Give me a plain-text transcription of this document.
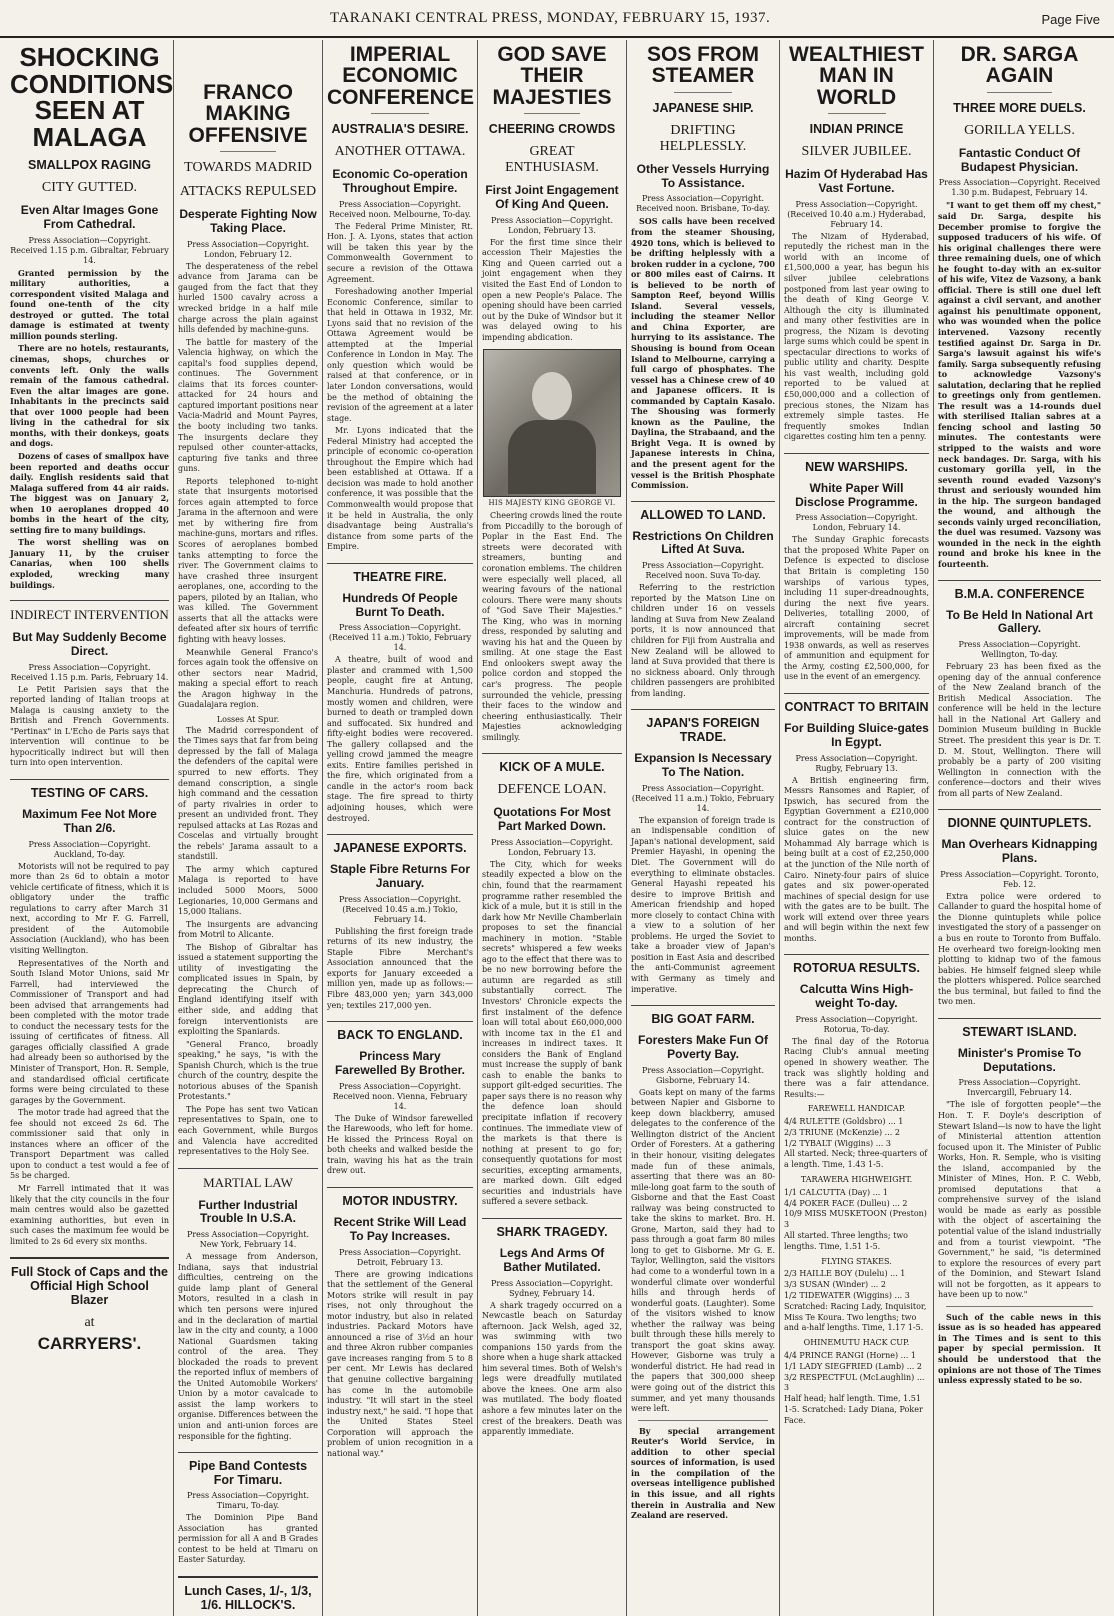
TARANAKI CENTRAL PRESS, MONDAY, FEBRUARY 15, 1937.	Page Five
SHOCKING CONDITIONS SEEN AT MALAGA
SMALLPOX RAGING
CITY GUTTED.
Even Altar Images Gone From Cathedral.
Press Association—Copyright. Received 1.15 p.m. Gibraltar, February 14.

Granted permission by the military authorities, a correspondent visited Malaga and found one-tenth of the city destroyed or gutted. The total damage is estimated at twenty million pounds sterling.

There are no hotels, restaurants, cinemas, shops, churches or convents left. Only the walls remain of the famous cathedral. Even the altar images are gone. Inhabitants in the precincts said that over 1000 people had been living in the cathedral for six months, with their donkeys, goats and dogs.

Dozens of cases of smallpox have been reported and deaths occur daily. English residents said that Malaga suffered from 44 air raids. The biggest was on January 2, when 10 aeroplanes dropped 40 bombs in the heart of the city, setting fire to many buildings.

The worst shelling was on January 11, by the cruiser Canarias, when 100 shells exploded, wrecking many buildings.

INDIRECT INTERVENTION
But May Suddenly Become Direct.
Press Association—Copyright. Received 1.15 p.m. Paris, February 14.

Le Petit Parisien says that the reported landing of Italian troops at Malaga is causing anxiety to the British and French Governments. "Pertinax" in L'Echo de Paris says that intervention will continue to be hypocritically indirect but will then turn into open intervention.

TESTING OF CARS.
Maximum Fee Not More Than 2/6.
Press Association—Copyright. Auckland, To-day.

Motorists will not be required to pay more than 2s 6d to obtain a motor vehicle certificate of fitness, which it is obligatory under the traffic regulations to carry after March 31 next, according to Mr F. G. Farrell, president of the Automobile Association (Auckland), who has been visiting Wellington.

Representatives of the North and South Island Motor Unions, said Mr Farrell, had interviewed the Commissioner of Transport and had been advised that arrangements had been completed with the motor trade to conduct the necessary tests for the issuing of certificates of fitness. All garages officially classified A grade had already been so authorised by the Minister of Transport, Hon. R. Semple, and standardised official certificate forms were being circulated to these garages by the Government.

The motor trade had agreed that the fee should not exceed 2s 6d. The commissioner said that only in instances where an officer of the Transport Department was called upon to conduct a test would a fee of 5s be charged.

Mr Farrell intimated that it was likely that the city councils in the four main centres would also be gazetted examining authorities, but even in such cases the maximum fee would be limited to 2s 6d every six months.

Full Stock of Caps and the Official High School Blazer
at
CARRYERS'.
FRANCO MAKING OFFENSIVE
TOWARDS MADRID
ATTACKS REPULSED
Desperate Fighting Now Taking Place.
Press Association—Copyright. London, February 12.

The desperateness of the rebel advance from Jarama can be gauged from the fact that they hurled 1500 cavalry across a wrecked bridge in a half mile charge across the plain against hills defended by machine-guns.

The battle for mastery of the Valencia highway, on which the capital's food supplies depend, continues. The Government claims that its forces counter-attacked for 24 hours and captured important positions near Vacia-Madrid and Mount Payres, the booty including two tanks. The insurgents declare they repulsed other counter-attacks, capturing five tanks and three guns.

Reports telephoned to-night state that insurgents motorised forces again attempted to force Jarama in the afternoon and were met by withering fire from machine-guns, mortars and rifles. Scores of aeroplanes bombed tanks attempting to force the river. The Government claims to have crashed three insurgent aeroplanes, one, according to the papers, piloted by an Italian, who was killed. The Government asserts that all the attacks were defeated after six hours of terrific fighting with heavy losses.

Meanwhile General Franco's forces again took the offensive on other sectors near Madrid, making a special effort to reach the Aragon highway in the Guadalajara region.

Losses At Spur.

The Madrid correspondent of the Times says that far from being depressed by the fall of Malaga the defenders of the capital were spurred to new efforts. They demand conscription, a single high command and the cessation of party rivalries in order to present an undivided front. They repulsed attacks at Las Rozas and Coscelas and virtually brought the rebels' Jarama assault to a standstill.

The army which captured Malaga is reported to have included 5000 Moors, 5000 Legionaries, 10,000 Germans and 15,000 Italians.

The insurgents are advancing from Motril to Alicante.

The Bishop of Gibraltar has issued a statement supporting the utility of investigating the complicated issues in Spain, by deprecating the Church of England identifying itself with either side, and adding that foreign interventionists are exploiting the Spaniards.

"General Franco, broadly speaking," he says, "is with the Spanish Church, which is the true church of the country, despite the notorious abuses of the Spanish Protestants."

The Pope has sent two Vatican representatives to Spain, one to each Government, while Burgos and Valencia have accredited representatives to the Holy See.

MARTIAL LAW
Further Industrial Trouble In U.S.A.
Press Association—Copyright. New York, February 14.

A message from Anderson, Indiana, says that industrial difficulties, centreing on the guide lamp plant of General Motors, resulted in a clash in which ten persons were injured and in the declaration of martial law in the city and county, a 1000 National Guardsmen taking control of the area. They blockaded the roads to prevent the reported influx of members of the United Automobile Workers' Union by a motor cavalcade to assist the lamp workers to organise. Differences between the union and anti-union forces are responsible for the fighting.

Pipe Band Contests For Timaru.
Press Association—Copyright. Timaru, To-day.

The Dominion Pipe Band Association has granted permission for all A and B Grades contest to be held at Timaru on Easter Saturday.

Lunch Cases, 1/-, 1/3, 1/6. HILLOCK'S.
IMPERIAL ECONOMIC CONFERENCE
AUSTRALIA'S DESIRE.
ANOTHER OTTAWA.
Economic Co-operation Throughout Empire.
Press Association—Copyright. Received noon. Melbourne, To-day.

The Federal Prime Minister, Rt. Hon. J. A. Lyons, states that action will be taken this year by the Commonwealth Government to secure a revision of the Ottawa Agreement.

Foreshadowing another Imperial Economic Conference, similar to that held in Ottawa in 1932, Mr. Lyons said that no revision of the Ottawa Agreement would be attempted at the Imperial Conference in London in May. The only question which would be raised at that conference, or in later London conversations, would be the method of obtaining the revision of the agreement at a later stage.

Mr. Lyons indicated that the Federal Ministry had accepted the principle of economic co-operation throughout the Empire which had been established at Ottawa. If a decision was made to hold another conference, it was possible that the Commonwealth would propose that it be held in Australia, the only disadvantage being Australia's distance from some parts of the Empire.

THEATRE FIRE.
Hundreds Of People Burnt To Death.
Press Association—Copyright. (Received 11 a.m.) Tokio, February 14.

A theatre, built of wood and plaster and crammed with 1,500 people, caught fire at Antung, Manchuria. Hundreds of patrons, mostly women and children, were burned to death or trampled down and suffocated. Six hundred and fifty-eight bodies were recovered. The gallery collapsed and the yelling crowd jammed the meagre exits. Entire families perished in the fire, which originated from a candle in the actor's room back stage. The fire spread to thirty adjoining houses, which were destroyed.

JAPANESE EXPORTS.
Staple Fibre Returns For January.
Press Association—Copyright. (Received 10.45 a.m.) Tokio, February 14.

Publishing the first foreign trade returns of its new industry, the Staple Fibre Merchant's Association announced that the exports for January exceeded a million yen, made up as follows:—Fibre 483,000 yen; yarn 343,000 yen; textiles 217,000 yen.

BACK TO ENGLAND.
Princess Mary Farewelled By Brother.
Press Association—Copyright. Received noon. Vienna, February 14.

The Duke of Windsor farewelled the Harewoods, who left for home. He kissed the Princess Royal on both cheeks and walked beside the train, waving his hat as the train drew out.

MOTOR INDUSTRY.
Recent Strike Will Lead To Pay Increases.
Press Association—Copyright. Detroit, February 13.

There are growing indications that the settlement of the General Motors strike will result in pay rises, not only throughout the motor industry, but also in related industries. Packard Motors have announced a rise of 3½d an hour and three Akron rubber companies gave increases ranging from 5 to 8 per cent. Mr Lewis has declared that genuine collective bargaining has come in the automobile industry. "It will start in the steel industry next," he said. "I hope that the United States Steel Corporation will approach the problem of union recognition in a national way."

GOD SAVE THEIR MAJESTIES
CHEERING CROWDS
GREAT ENTHUSIASM.
First Joint Engagement Of King And Queen.
Press Association—Copyright. London, February 13.

For the first time since their accession Their Majesties the King and Queen carried out a joint engagement when they visited the East End of London to open a new People's Palace. The opening should have been carried out by the Duke of Windsor but it was delayed owing to his impending abdication.

HIS MAJESTY KING GEORGE VI.

Cheering crowds lined the route from Piccadilly to the borough of Poplar in the East End. The streets were decorated with streamers, bunting and coronation emblems. The children were especially well placed, all wearing favours of the national colours. There were many shouts of "God Save Their Majesties." The King, who was in morning dress, responded by saluting and waving his hat and the Queen by smiling. At one stage the East End onlookers swept away the police cordon and stopped the car's progress. The people surrounded the vehicle, pressing their faces to the window and cheering enthusiastically. Their Majesties acknowledging smilingly.

KICK OF A MULE.
DEFENCE LOAN.
Quotations For Most Part Marked Down.
Press Association—Copyright. London, February 13.

The City, which for weeks steadily expected a blow on the chin, found that the rearmament programme rather resembled the kick of a mule, but it is still in the dark how Mr Neville Chamberlain proposes to set the financial machinery in motion. "Stable secrets" whispered a few weeks ago to the effect that there was to be no new borrowing before the autumn are regarded as still substantially correct. The Investors' Chronicle expects the first instalment of the defence loan will total about £60,000,000 with income tax in the £1 and increases in indirect taxes. It considers the Bank of England must increase the supply of bank cash to enable the banks to support gilt-edged securities. The paper says there is no reason why the defence loan should precipitate inflation if recovery continues. The immediate view of the markets is that there is nothing at present to go for; consequently quotations for most securities, excepting armaments, are marked down. Gilt edged securities and industrials have suffered a severe setback.

SHARK TRAGEDY.
Legs And Arms Of Bather Mutilated.
Press Association—Copyright. Sydney, February 14.

A shark tragedy occurred on a Newcastle beach on Saturday afternoon. Jack Welsh, aged 32, was swimming with two companions 150 yards from the shore when a huge shark attacked him several times. Both of Welsh's legs were dreadfully mutilated above the knees. One arm also was mutilated. The body floated ashore a few minutes later on the crest of the breakers. Death was apparently immediate.

SOS FROM STEAMER
JAPANESE SHIP.
DRIFTING HELPLESSLY.
Other Vessels Hurrying To Assistance.
Press Association—Copyright. Received noon. Brisbane, To-day.

SOS calls have been received from the steamer Shousing, 4920 tons, which is believed to be drifting helplessly with a broken rudder in a cyclone, 700 or 800 miles east of Cairns. It is believed to be north of Sampton Reef, beyond Willis Island. Several vessels, including the steamer Nellor and China Exporter, are hurrying to its assistance. The Shousing is bound from Ocean Island to Melbourne, carrying a full cargo of phosphates. The vessel has a Chinese crew of 40 and Japanese officers. It is commanded by Captain Kasalo. The Shousing was formerly known as the Pauline, the Daylina, the Strabaand, and the Bright Vega. It is owned by Japanese interests in China, and the present agent for the vessel is the British Phosphate Commission.

ALLOWED TO LAND.
Restrictions On Children Lifted At Suva.
Press Association—Copyright. Received noon. Suva To-day.

Referring to the restriction reported by the Matson Line on children under 16 on vessels landing at Suva from New Zealand ports, it is now announced that children for Fiji from Australia and New Zealand will be allowed to land at Suva provided that there is no sickness aboard. Only through children passengers are prohibited from landing.

JAPAN'S FOREIGN TRADE.
Expansion Is Necessary To The Nation.
Press Association—Copyright. (Received 11 a.m.) Tokio, February 14.

The expansion of foreign trade is an indispensable condition of Japan's national development, said Premier Hayashi, in opening the Diet. The Government will do everything to eliminate obstacles. General Hayashi repeated his desire to improve British and American friendship and hoped more closely to contact China with a view to a solution of her problems. He urged the Soviet to take a broader view of Japan's position in East Asia and described the anti-Communist agreement with Germany as timely and imperative.

BIG GOAT FARM.
Foresters Make Fun Of Poverty Bay.
Press Association—Copyright. Gisborne, February 14.

Goats kept on many of the farms between Napier and Gisborne to keep down blackberry, amused delegates to the conference of the Wellington district of the Ancient Order of Foresters. At a gathering in their honour, visiting delegates made fun of these animals, asserting that there was an 80-mile-long goat farm to the south of Gisborne and that the East Coast railway was being constructed to take the skins to market. Bro. H. Grone, Marton, said they had to pass through a goat farm 80 miles long to get to Gisborne. Mr G. E. Taylor, Wellington, said the visitors had come to a wonderful town in a wonderful climate over wonderful hills and through herds of wonderful goats. (Laughter). Some of the visitors wished to know whether the railway was being built through these hills merely to transport the goat skins away. However, Gisborne was truly a wonderful district. He had read in the papers that 300,000 sheep were going out of the district this summer, and yet many thousands were left.

By special arrangement Reuter's World Service, in addition to other special sources of information, is used in the compilation of the overseas intelligence published in this issue, and all rights therein in Australia and New Zealand are reserved.

WEALTHIEST MAN IN WORLD
INDIAN PRINCE
SILVER JUBILEE.
Hazim Of Hyderabad Has Vast Fortune.
Press Association—Copyright. (Received 10.40 a.m.) Hyderabad, February 14.

The Nizam of Hyderabad, reputedly the richest man in the world with an income of £1,500,000 a year, has begun his silver jubilee celebrations postponed from last year owing to the death of King George V. Although the city is illuminated and many other festivities are in progress, the Nizam is devoting large sums which could be spent in spectacular directions to works of public utility and charity. Despite his vast wealth, including gold reported to be valued at £50,000,000 and a collection of precious stones, the Nizam has extremely simple tastes. He frequently smokes Indian cigarettes costing him ten a penny.

NEW WARSHIPS.
White Paper Will Disclose Programme.
Press Association—Copyright. London, February 14.

The Sunday Graphic forecasts that the proposed White Paper on Defence is expected to disclose that Britain is completing 150 warships of various types, including 11 super-dreadnoughts, during the next five years. Deliveries, totalling 2000, of aircraft containing secret improvements, will be made from 1938 onwards, as well as reserves of ammunition and equipment for the Army, costing £2,500,000, for use in the event of an emergency.

CONTRACT TO BRITAIN
For Building Sluice-gates In Egypt.
Press Association—Copyright. Rugby, February 13.

A British engineering firm, Messrs Ransomes and Rapier, of Ipswich, has secured from the Egyptian Government a £210,000 contract for the construction of sluice gates on the new Mohammad Aly barrage which is being built at a cost of £2,250,000 at the junction of the Nile north of Cairo. Ninety-four pairs of sluice gates and six power-operated machines of special design for use with the gates are to be built. The work will extend over three years and will begin within the next few months.

ROTORUA RESULTS.
Calcutta Wins High-weight To-day.
Press Association—Copyright. Rotorua, To-day.

The final day of the Rotorua Racing Club's annual meeting opened in showery weather. The track was slightly holding and there was a fair attendance. Results:—

FAREWELL HANDICAP.
4/4 RULETTE (Goldsbro) ... 1
2/3 TRIUNE (McKenzie) ... 2
1/2 TYBALT (Wiggins) ... 3
All started. Neck; three-quarters of a length. Time, 1.43 1-5.
TARAWERA HIGHWEIGHT.
1/1 CALCUTTA (Day) ... 1
4/4 POKER FACE (Dulleu) ... 2
10/9 MISS MUSKETOON (Preston) 3
All started. Three lengths; two lengths. Time, 1.51 1-5.
FLYING STAKES.
2/3 HAILLE BOY (Dulelu) ... 1
3/3 SUSAN (Winder) ... 2
1/2 TIDEWATER (Wiggins) ... 3
Scratched: Racing Lady, Inquisitor, Miss Te Koura. Two lengths; two and a-half lengths. Time, 1.17 1-5.
OHINEMUTU HACK CUP.
4/4 PRINCE RANGI (Horne) ... 1
1/1 LADY SIEGFRIED (Lamb) ... 2
3/2 RESPECTFUL (McLaughlin) ... 3
Half head; half length. Time, 1.51 1-5. Scratched: Lady Diana, Poker Face.
DR. SARGA AGAIN
THREE MORE DUELS.
GORILLA YELLS.
Fantastic Conduct Of Budapest Physician.
Press Association—Copyright. Received 1.30 p.m. Budapest, February 14.

"I want to get them off my chest," said Dr. Sarga, despite his December promise to forgive the supposed traducers of his wife. Of his original challenges there were three remaining duels, one of which he fought to-day with an ex-suitor of his wife, Vitez de Vazsony, a bank official. There is still one duel left against a civil servant, and another against his penultimate opponent, who was wounded when the police intervened. Vazsony recently testified against Dr. Sarga in Dr. Sarga's lawsuit against his wife's family. Sarga subsequently refusing to acknowledge Vazsony's salutation, declaring that he replied to greetings only from gentlemen. The result was a 14-rounds duel with sterilised Italian sabres at a fencing school and lasting 50 minutes. The contestants were stripped to the waists and wore neck bandages. Dr. Sarga, with his customary gorilla yell, in the seventh round evaded Vazsony's thrust and seriously wounded him in the hip. The surgeon bandaged the wound, and although the seconds vainly urged reconciliation, the duel was resumed. Vazsony was wounded in the neck in the eighth round and broke his knee in the fourteenth.

B.M.A. CONFERENCE
To Be Held In National Art Gallery.
Press Association—Copyright. Wellington, To-day.

February 23 has been fixed as the opening day of the annual conference of the New Zealand branch of the British Medical Association. The conference will be held in the lecture hall in the National Art Gallery and Dominion Museum building in Buckle Street. The president this year is Dr. T. D. M. Stout, Wellington. There will probably be a party of 200 visiting Wellington in connection with the conference—doctors and their wives from all parts of New Zealand.

DIONNE QUINTUPLETS.
Man Overhears Kidnapping Plans.
Press Association—Copyright. Toronto, Feb. 12.

Extra police were ordered to Callander to guard the hospital home of the Dionne quintuplets while police investigated the story of a passenger on a bus en route to Toronto from Buffalo. He overheard two foreign-looking men plotting to kidnap two of the famous babies. He himself feigned sleep while the plotters whispered. Police searched the bus terminal, but failed to find the two men.

STEWART ISLAND.
Minister's Promise To Deputations.
Press Association—Copyright. Invercargill, February 14.

"The isle of forgotten people"—the Hon. T. F. Doyle's description of Stewart Island—is now to have the light of Ministerial attention attention focused upon it. The Minister of Public Works, Hon. R. Semple, who is visiting the island, accompanied by the Minister of Mines, Hon. P. C. Webb, promised deputations that a comprehensive survey of the island would be made as early as possible with the object of ascertaining the potential value of the island industrially and from a tourist viewpoint. "The Government," he said, "is determined to explore the resources of every part of the Dominion, and Stewart Island will not be forgotten, as it appears to have been up to now."

Such of the cable news in this issue as is so headed has appeared in The Times and is sent to this paper by special permission. It should be understood that the opinions are not those of The Times unless expressly stated to be so.
